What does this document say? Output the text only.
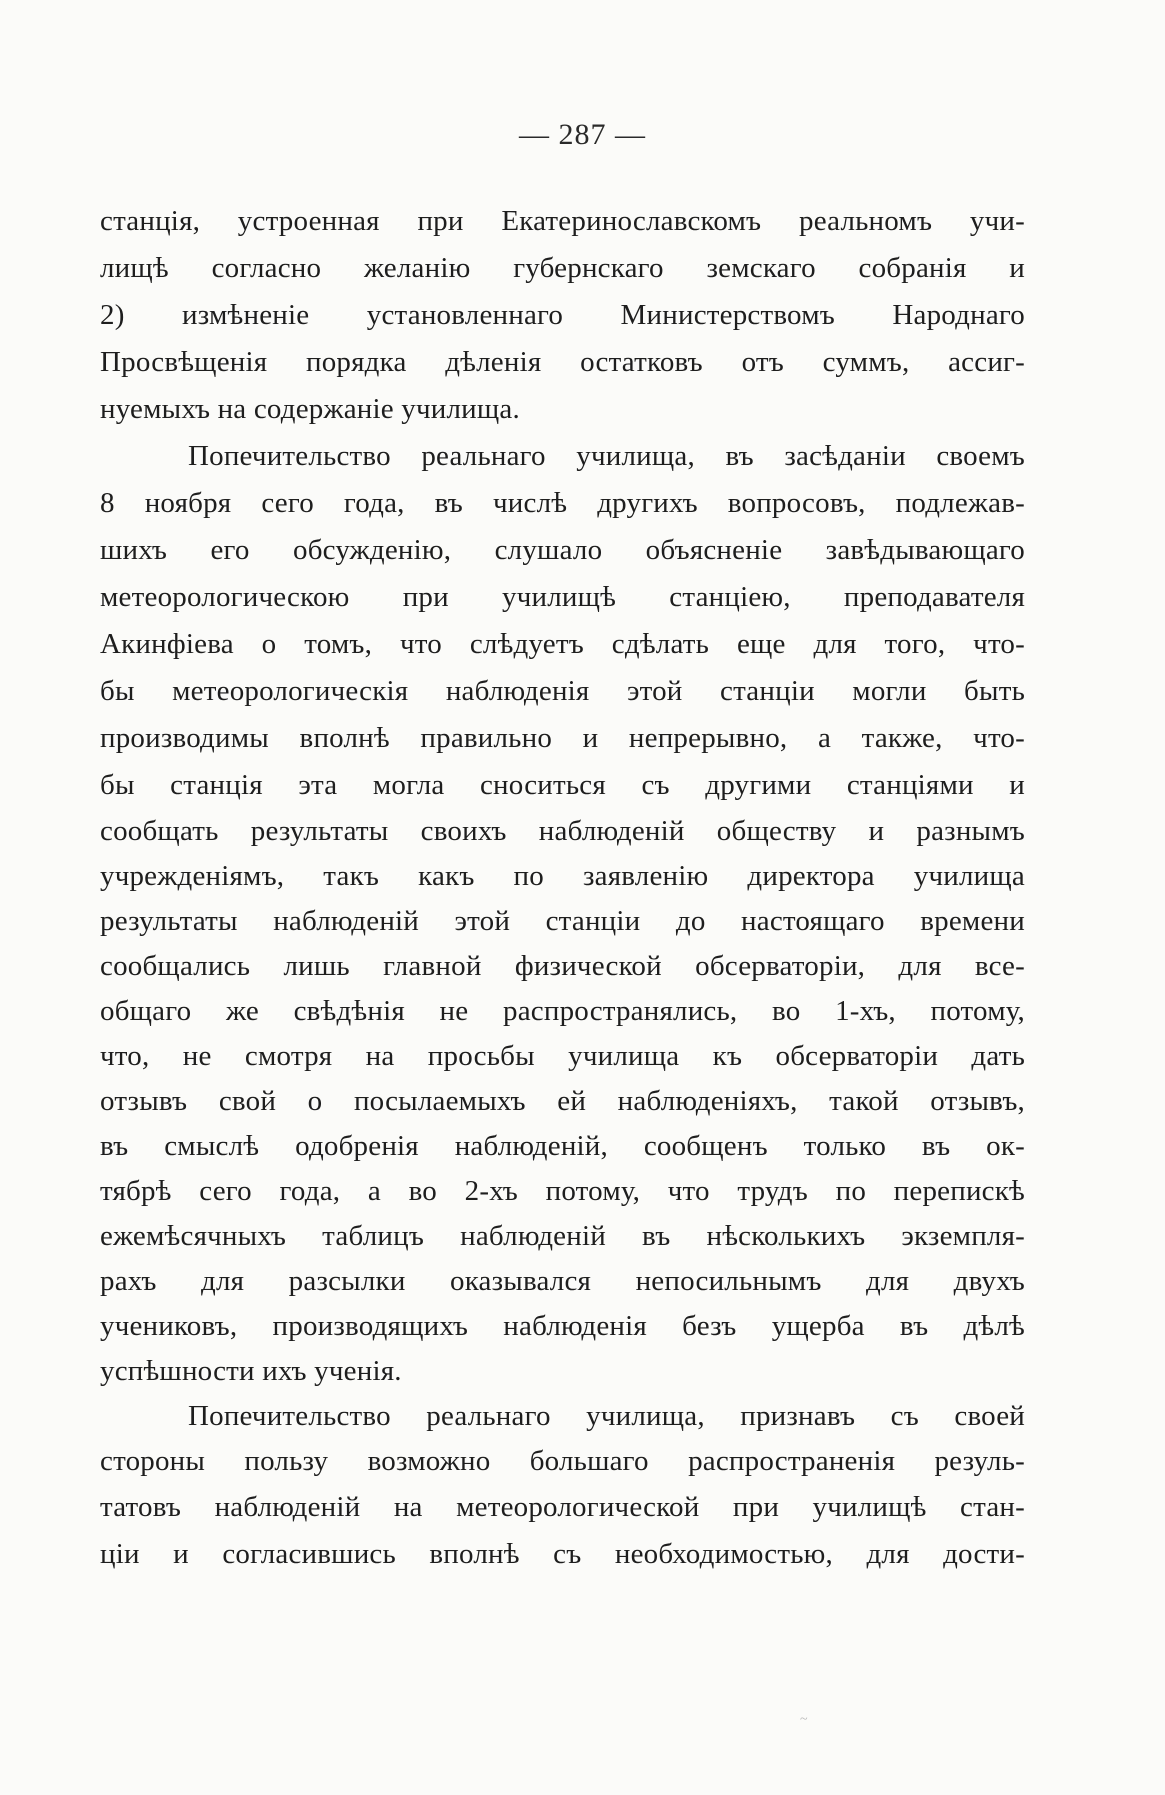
— 287 —
станція, устроенная при Екатеринославскомъ реальномъ учи-
лищѣ согласно желанію губернскаго земскаго собранія и
2) измѣненіе установленнаго Министерствомъ Народнаго
Просвѣщенія порядка дѣленія остатковъ отъ суммъ, ассиг-
нуемыхъ на содержаніе училища.
Попечительство реальнаго училища, въ засѣданіи своемъ
8 ноября сего года, въ числѣ другихъ вопросовъ, подлежав-
шихъ его обсужденію, слушало объясненіе завѣдывающаго
метеорологическою при училищѣ станціею, преподавателя
Акинфіева о томъ, что слѣдуетъ сдѣлать еще для того, что-
бы метеорологическія наблюденія этой станціи могли быть
производимы вполнѣ правильно и непрерывно, а также, что-
бы станція эта могла сноситься съ другими станціями и
сообщать результаты своихъ наблюденій обществу и разнымъ
учрежденіямъ, такъ какъ по заявленію директора училища
результаты наблюденій этой станціи до настоящаго времени
сообщались лишь главной физической обсерваторіи, для все-
общаго же свѣдѣнія не распространялись, во 1-хъ, потому,
что, не смотря на просьбы училища къ обсерваторіи дать
отзывъ свой о посылаемыхъ ей наблюденіяхъ, такой отзывъ,
въ смыслѣ одобренія наблюденій, сообщенъ только въ ок-
тябрѣ сего года, а во 2-хъ потому, что трудъ по перепискѣ
ежемѣсячныхъ таблицъ наблюденій въ нѣсколькихъ экземпля-
рахъ для разсылки оказывался непосильнымъ для двухъ
учениковъ, производящихъ наблюденія безъ ущерба въ дѣлѣ
успѣшности ихъ ученія.
Попечительство реальнаго училища, признавъ съ своей
стороны пользу возможно большаго распространенія резуль-
татовъ наблюденій на метеорологической при училищѣ стан-
ціи и согласившись вполнѣ съ необходимостью, для дости-
~
